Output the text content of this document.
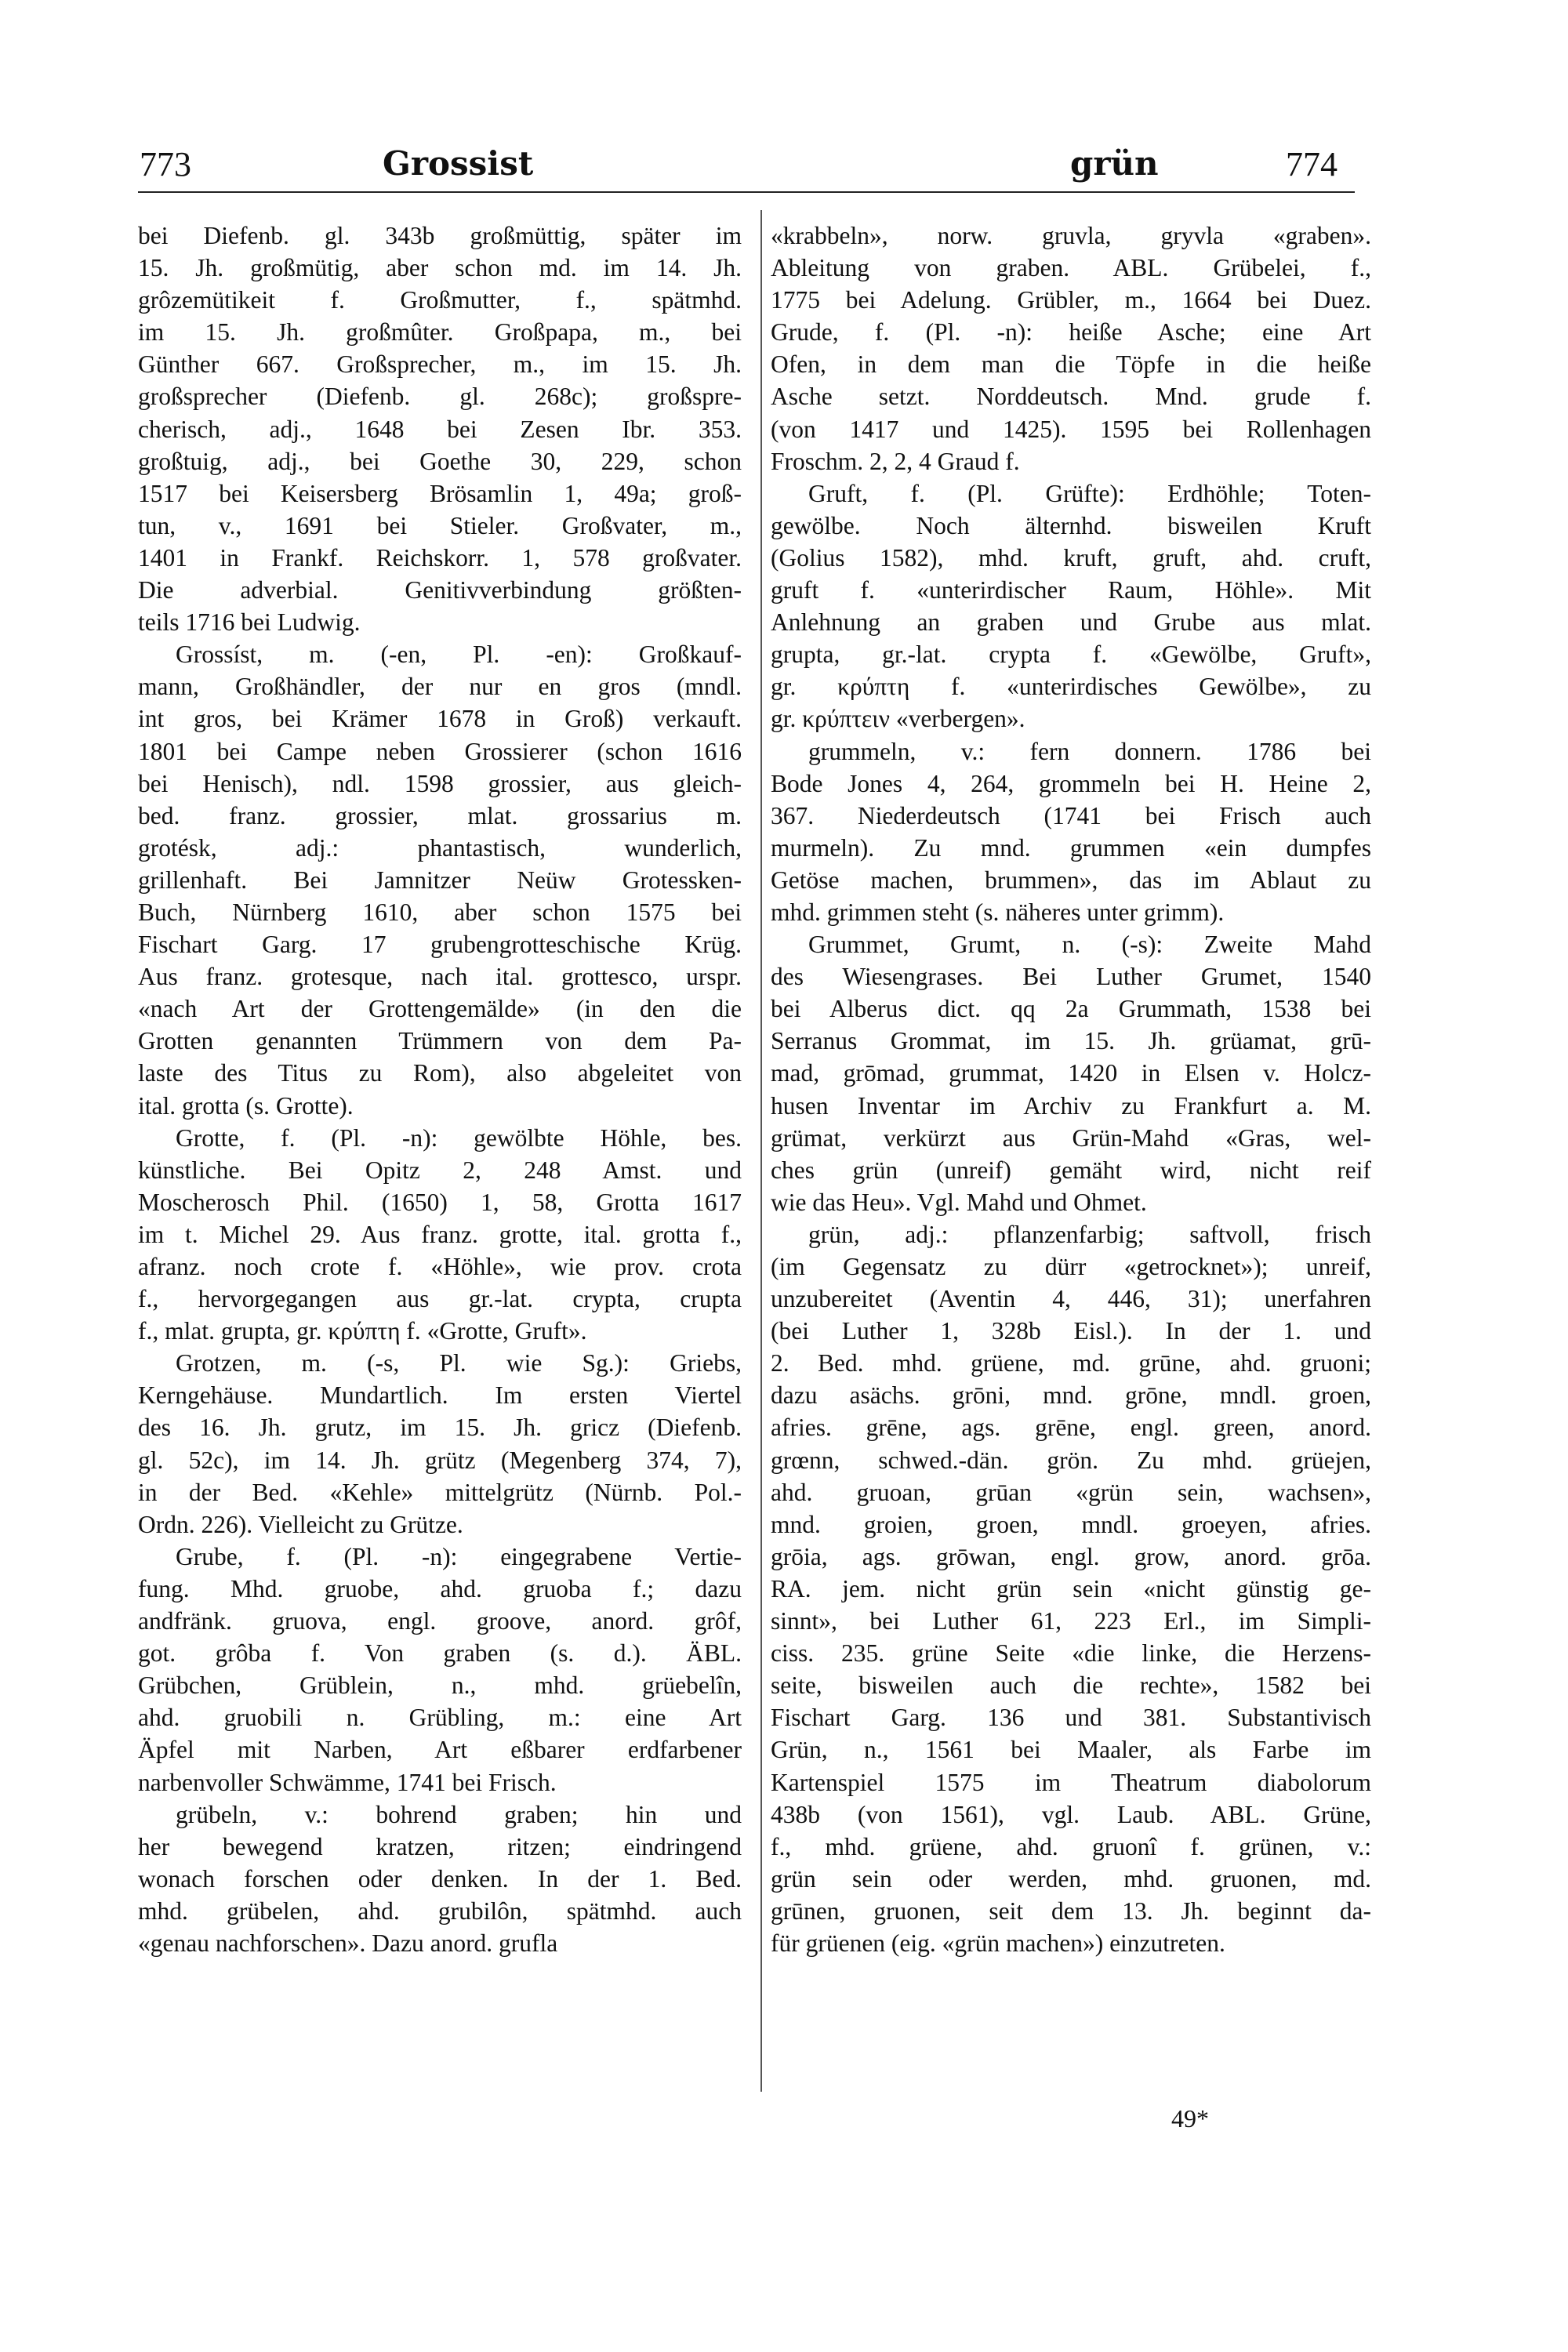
773	Grossist	grün	774
bei Diefenb. gl. 343b großmüttig, später im
15. Jh. großmütig, aber schon md. im 14. Jh.
grôzemütikeit f. Großmutter, f., spätmhd.
im 15. Jh. großmûter. Großpapa, m., bei
Günther 667. Großsprecher, m., im 15. Jh.
großsprecher (Diefenb. gl. 268c); großspre-
cherisch, adj., 1648 bei Zesen Ibr. 353.
großtuig, adj., bei Goethe 30, 229, schon
1517 bei Keisersberg Brösamlin 1, 49a; groß-
tun, v., 1691 bei Stieler. Großvater, m.,
1401 in Frankf. Reichskorr. 1, 578 großvater.
Die adverbial. Genitivverbindung größten-
teils 1716 bei Ludwig.
Grossíst, m. (-en, Pl. -en): Großkauf-
mann, Großhändler, der nur en gros (mndl.
int gros, bei Krämer 1678 in Groß) verkauft.
1801 bei Campe neben Grossierer (schon 1616
bei Henisch), ndl. 1598 grossier, aus gleich-
bed. franz. grossier, mlat. grossarius m.
grotésk, adj.: phantastisch, wunderlich,
grillenhaft. Bei Jamnitzer Neüw Grotessken-
Buch, Nürnberg 1610, aber schon 1575 bei
Fischart Garg. 17 grubengrotteschische Krüg.
Aus franz. grotesque, nach ital. grottesco, urspr.
«nach Art der Grottengemälde» (in den die
Grotten genannten Trümmern von dem Pa-
laste des Titus zu Rom), also abgeleitet von
ital. grotta (s. Grotte).
Grotte, f. (Pl. -n): gewölbte Höhle, bes.
künstliche. Bei Opitz 2, 248 Amst. und
Moscherosch Phil. (1650) 1, 58, Grotta 1617
im t. Michel 29. Aus franz. grotte, ital. grotta f.,
afranz. noch crote f. «Höhle», wie prov. crota
f., hervorgegangen aus gr.-lat. crypta, crupta
f., mlat. grupta, gr. κρύπτη f. «Grotte, Gruft».
Grotzen, m. (-s, Pl. wie Sg.): Griebs,
Kerngehäuse. Mundartlich. Im ersten Viertel
des 16. Jh. grutz, im 15. Jh. gricz (Diefenb.
gl. 52c), im 14. Jh. grütz (Megenberg 374, 7),
in der Bed. «Kehle» mittelgrütz (Nürnb. Pol.-
Ordn. 226). Vielleicht zu Grütze.
Grube, f. (Pl. -n): eingegrabene Vertie-
fung. Mhd. gruobe, ahd. gruoba f.; dazu
andfränk. gruova, engl. groove, anord. grôf,
got. grôba f. Von graben (s. d.). ÄBL.
Grübchen, Grüblein, n., mhd. grüebelîn,
ahd. gruobili n. Grübling, m.: eine Art
Äpfel mit Narben, Art eßbarer erdfarbener
narbenvoller Schwämme, 1741 bei Frisch.
grübeln, v.: bohrend graben; hin und
her bewegend kratzen, ritzen; eindringend
wonach forschen oder denken. In der 1. Bed.
mhd. grübelen, ahd. grubilôn, spätmhd. auch
«genau nachforschen». Dazu anord. grufla
«krabbeln», norw. gruvla, gryvla «graben».
Ableitung von graben. ABL. Grübelei, f.,
1775 bei Adelung. Grübler, m., 1664 bei Duez.
Grude, f. (Pl. -n): heiße Asche; eine Art
Ofen, in dem man die Töpfe in die heiße
Asche setzt. Norddeutsch. Mnd. grude f.
(von 1417 und 1425). 1595 bei Rollenhagen
Froschm. 2, 2, 4 Graud f.
Gruft, f. (Pl. Grüfte): Erdhöhle; Toten-
gewölbe. Noch älternhd. bisweilen Kruft
(Golius 1582), mhd. kruft, gruft, ahd. cruft,
gruft f. «unterirdischer Raum, Höhle». Mit
Anlehnung an graben und Grube aus mlat.
grupta, gr.-lat. crypta f. «Gewölbe, Gruft»,
gr. κρύπτη f. «unterirdisches Gewölbe», zu
gr. κρύπτειν «verbergen».
grummeln, v.: fern donnern. 1786 bei
Bode Jones 4, 264, grommeln bei H. Heine 2,
367. Niederdeutsch (1741 bei Frisch auch
murmeln). Zu mnd. grummen «ein dumpfes
Getöse machen, brummen», das im Ablaut zu
mhd. grimmen steht (s. näheres unter grimm).
Grummet, Grumt, n. (-s): Zweite Mahd
des Wiesengrases. Bei Luther Grumet, 1540
bei Alberus dict. qq 2a Grummath, 1538 bei
Serranus Grommat, im 15. Jh. grüamat, grū-
mad, grōmad, grummat, 1420 in Elsen v. Holcz-
husen Inventar im Archiv zu Frankfurt a. M.
grümat, verkürzt aus Grün-Mahd «Gras, wel-
ches grün (unreif) gemäht wird, nicht reif
wie das Heu». Vgl. Mahd und Ohmet.
grün, adj.: pflanzenfarbig; saftvoll, frisch
(im Gegensatz zu dürr «getrocknet»); unreif,
unzubereitet (Aventin 4, 446, 31); unerfahren
(bei Luther 1, 328b Eisl.). In der 1. und
2. Bed. mhd. grüene, md. grūne, ahd. gruoni;
dazu asächs. grōni, mnd. grōne, mndl. groen,
afries. grēne, ags. grēne, engl. green, anord.
grœnn, schwed.-dän. grön. Zu mhd. grüejen,
ahd. gruoan, grūan «grün sein, wachsen»,
mnd. groien, groen, mndl. groeyen, afries.
grōia, ags. grōwan, engl. grow, anord. grōa.
RA. jem. nicht grün sein «nicht günstig ge-
sinnt», bei Luther 61, 223 Erl., im Simpli-
ciss. 235. grüne Seite «die linke, die Herzens-
seite, bisweilen auch die rechte», 1582 bei
Fischart Garg. 136 und 381. Substantivisch
Grün, n., 1561 bei Maaler, als Farbe im
Kartenspiel 1575 im Theatrum diabolorum
438b (von 1561), vgl. Laub. ABL. Grüne,
f., mhd. grüene, ahd. gruonî f. grünen, v.:
grün sein oder werden, mhd. gruonen, md.
grūnen, gruonen, seit dem 13. Jh. beginnt da-
für grüenen (eig. «grün machen») einzutreten.
49*
